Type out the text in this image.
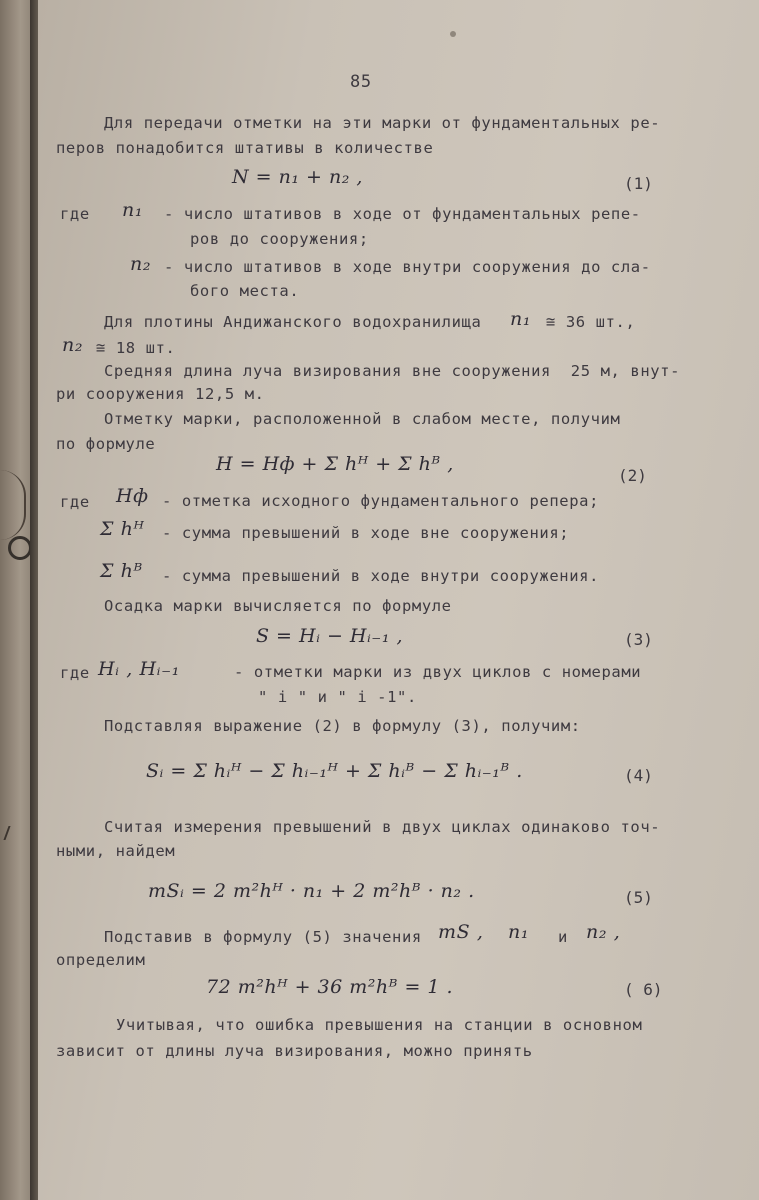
85
Для передачи отметки на эти марки от фундаментальных ре-
перов понадобится штативы в количестве
N = n₁ + n₂ ,	(1)
где n₁ - число штативов в ходе от фундаментальных репе-
ров до сооружения;
n₂ - число штативов в ходе внутри сооружения до сла-
бого места.
Для плотины Андижанского водохранилища n₁ ≅ 36 шт.,
n₂ ≅ 18 шт.
Средняя длина луча визирования вне сооружения  25 м, внут-
ри сооружения 12,5 м.
Отметку марки, расположенной в слабом месте, получим
по формуле
H = Hф + Σ hᴴ + Σ hᴮ ,
(2)
где Hф - отметка исходного фундаментального репера;
Σ hᴴ - сумма превышений в ходе вне сооружения;
Σ hᴮ - сумма превышений в ходе внутри сооружения.
Осадка марки вычисляется по формуле
S = Hᵢ − Hᵢ₋₁ ,	(3)
где Hᵢ , Hᵢ₋₁	- отметки марки из двух циклов с номерами
" i " и " i -1".
Подставляя выражение (2) в формулу (3), получим:
Sᵢ = Σ hᵢᴴ − Σ hᵢ₋₁ᴴ + Σ hᵢᴮ − Σ hᵢ₋₁ᴮ .	(4)
Считая измерения превышений в двух циклах одинаково точ-
ными, найдем
mSᵢ = 2 m²hᴴ · n₁ + 2 m²hᴮ · n₂ .	(5)
Подставив в формулу (5) значения mS , n₁ и n₂ ,
определим
72 m²hᴴ + 36 m²hᴮ = 1 .	( 6)
Учитывая, что ошибка превышения на станции в основном
зависит от длины луча визирования, можно принять
